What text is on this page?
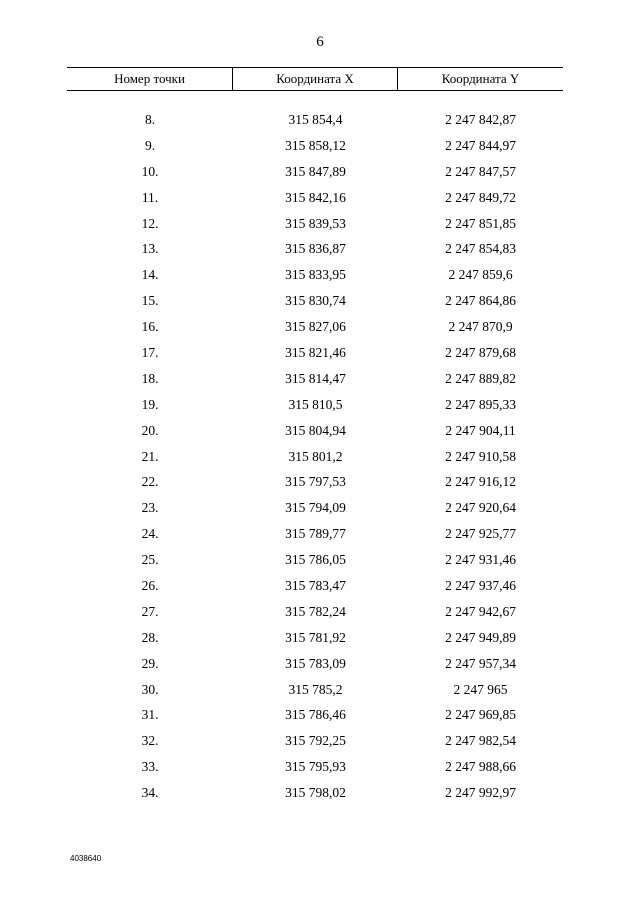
6
Номер точки	Координата X	Координата Y
8.	315 854,4	2 247 842,87
9.	315 858,12	2 247 844,97
10.	315 847,89	2 247 847,57
11.	315 842,16	2 247 849,72
12.	315 839,53	2 247 851,85
13.	315 836,87	2 247 854,83
14.	315 833,95	2 247 859,6
15.	315 830,74	2 247 864,86
16.	315 827,06	2 247 870,9
17.	315 821,46	2 247 879,68
18.	315 814,47	2 247 889,82
19.	315 810,5	2 247 895,33
20.	315 804,94	2 247 904,11
21.	315 801,2	2 247 910,58
22.	315 797,53	2 247 916,12
23.	315 794,09	2 247 920,64
24.	315 789,77	2 247 925,77
25.	315 786,05	2 247 931,46
26.	315 783,47	2 247 937,46
27.	315 782,24	2 247 942,67
28.	315 781,92	2 247 949,89
29.	315 783,09	2 247 957,34
30.	315 785,2	2 247 965
31.	315 786,46	2 247 969,85
32.	315 792,25	2 247 982,54
33.	315 795,93	2 247 988,66
34.	315 798,02	2 247 992,97
4038640
